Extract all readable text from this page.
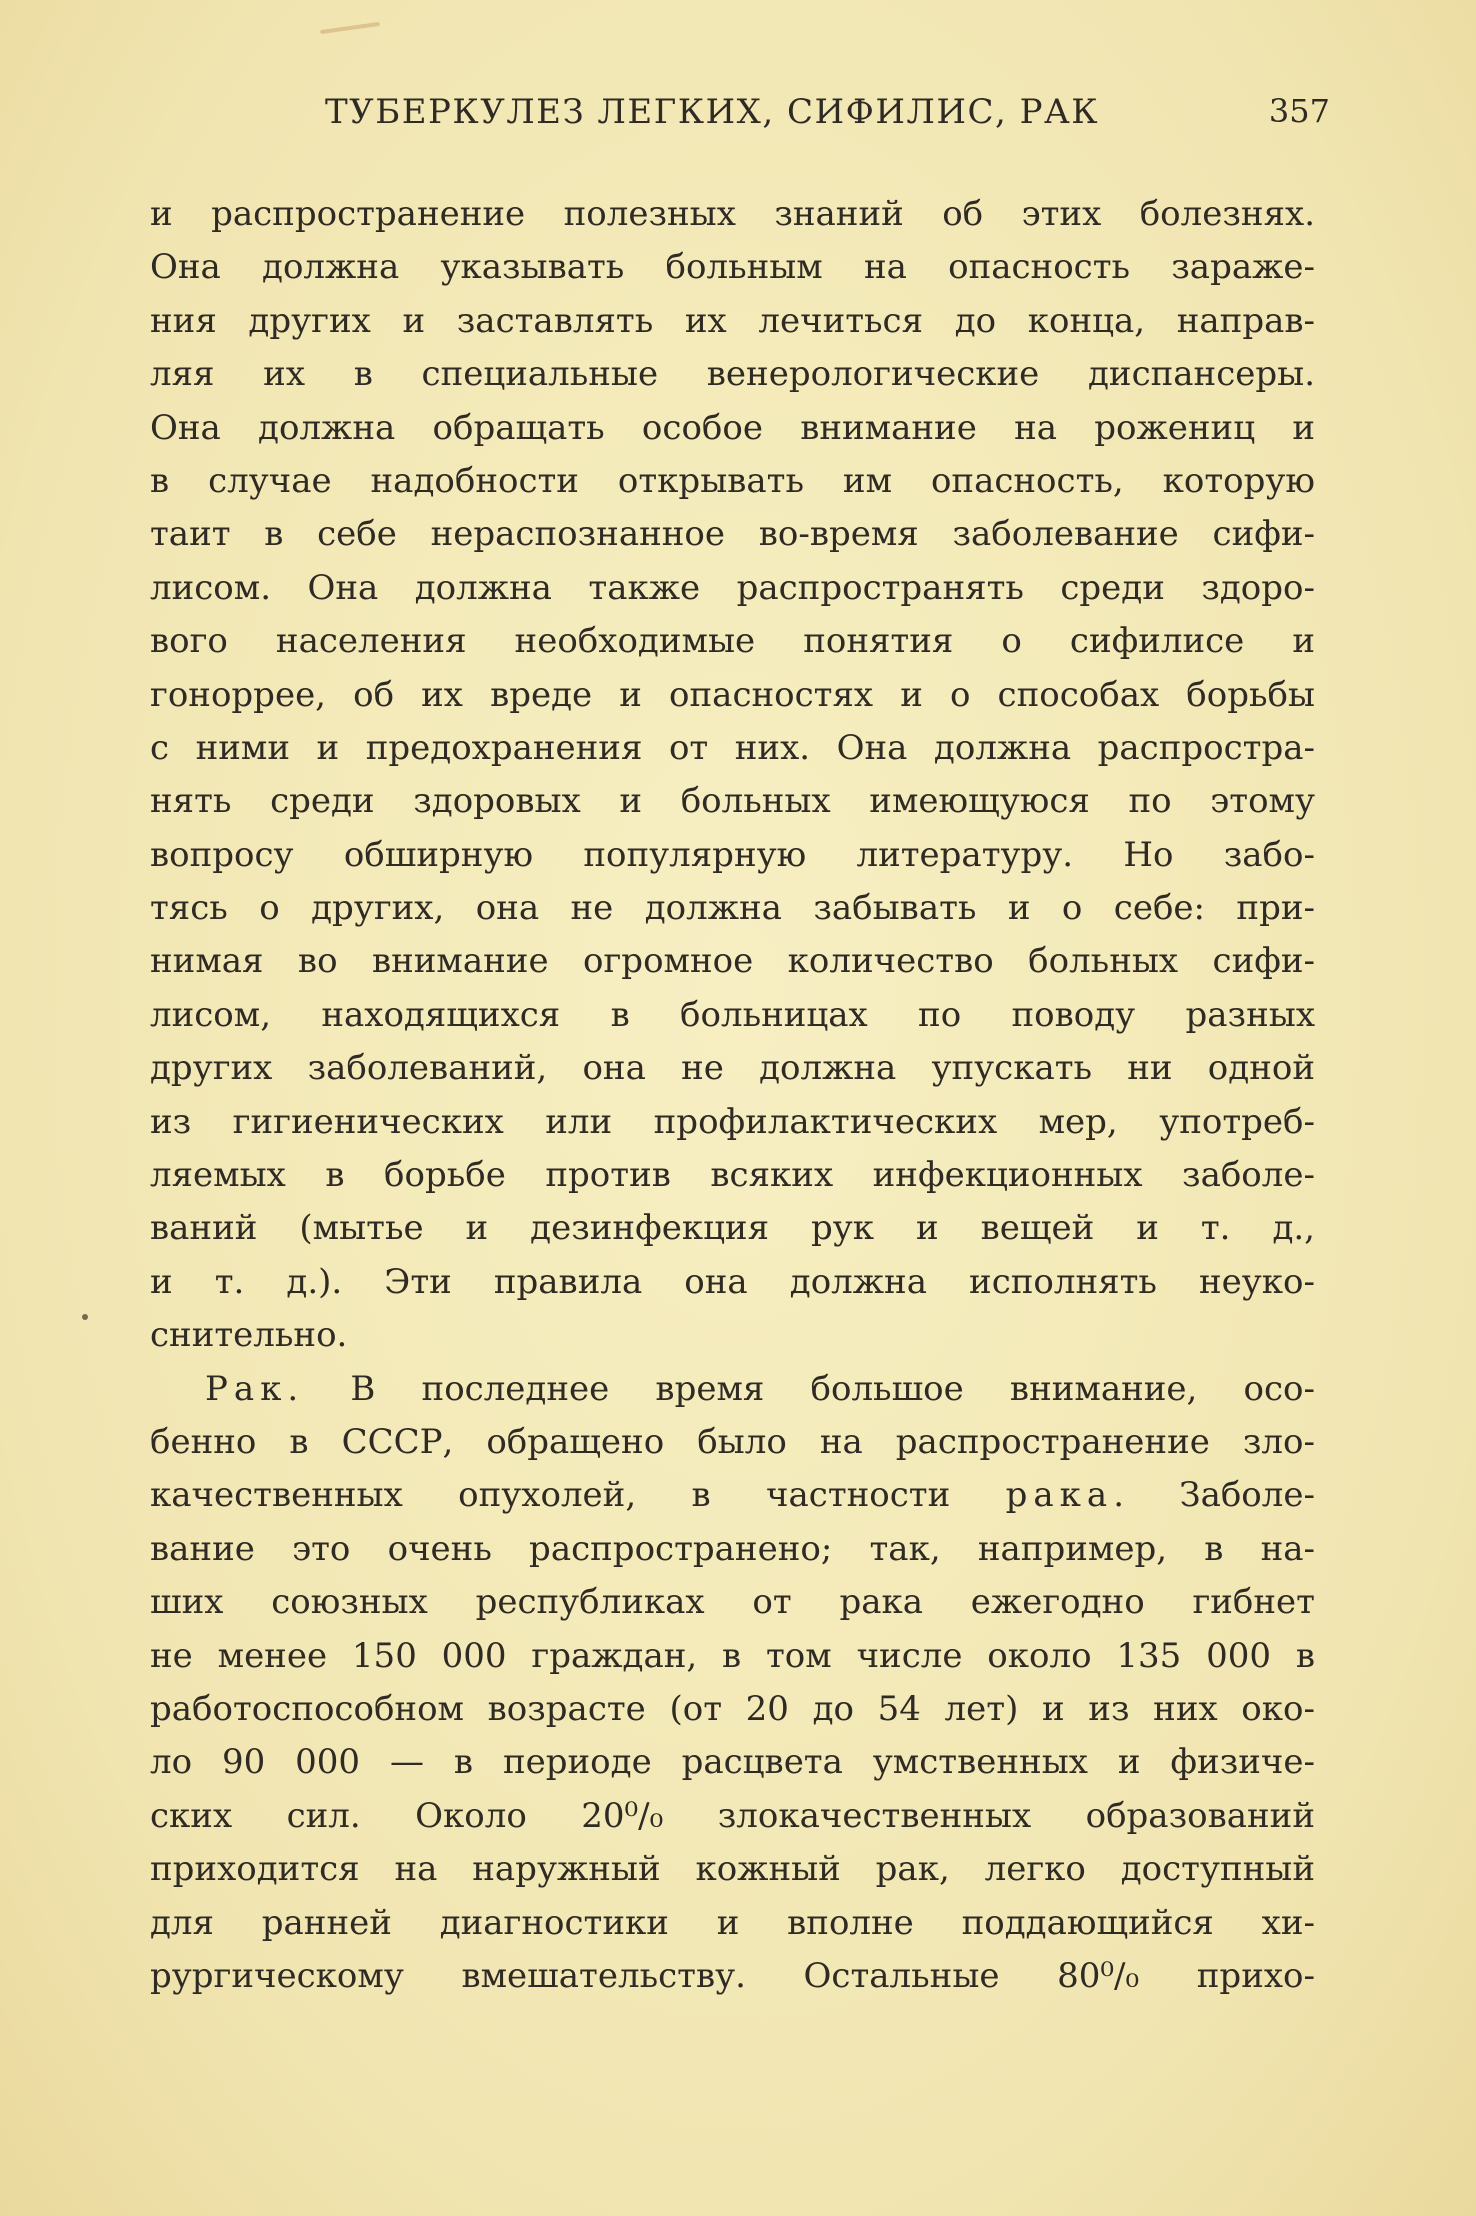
ТУБЕРКУЛЕЗ ЛЕГКИХ, СИФИЛИС, РАК	357
и распространение полезных знаний об этих болезнях.
Она должна указывать больным на опасность зараже-
ния других и заставлять их лечиться до конца, направ-
ляя их в специальные венерологические диспансеры.
Она должна обращать особое внимание на рожениц и
в случае надобности открывать им опасность, которую
таит в себе нераспознанное во-время заболевание сифи-
лисом. Она должна также распространять среди здоро-
вого населения необходимые понятия о сифилисе и
гоноррее, об их вреде и опасностях и о способах борьбы
с ними и предохранения от них. Она должна распростра-
нять среди здоровых и больных имеющуюся по этому
вопросу обширную популярную литературу. Но забо-
тясь о других, она не должна забывать и о себе: при-
нимая во внимание огромное количество больных сифи-
лисом, находящихся в больницах по поводу разных
других заболеваний, она не должна упускать ни одной
из гигиенических или профилактических мер, употреб-
ляемых в борьбе против всяких инфекционных заболе-
ваний (мытье и дезинфекция рук и вещей и т. д.,
и т. д.). Эти правила она должна исполнять неуко-
снительно.
Рак. В последнее время большое внимание, осо-
бенно в СССР, обращено было на распространение зло-
качественных опухолей, в частности рака. Заболе-
вание это очень распространено; так, например, в на-
ших союзных республиках от рака ежегодно гибнет
не менее 150 000 граждан, в том числе около 135 000 в
работоспособном возрасте (от 20 до 54 лет) и из них око-
ло 90 000 — в периоде расцвета умственных и физиче-
ских сил. Около 20⁰/₀ злокачественных образований
приходится на наружный кожный рак, легко доступный
для ранней диагностики и вполне поддающийся хи-
рургическому вмешательству. Остальные 80⁰/₀ прихо-
